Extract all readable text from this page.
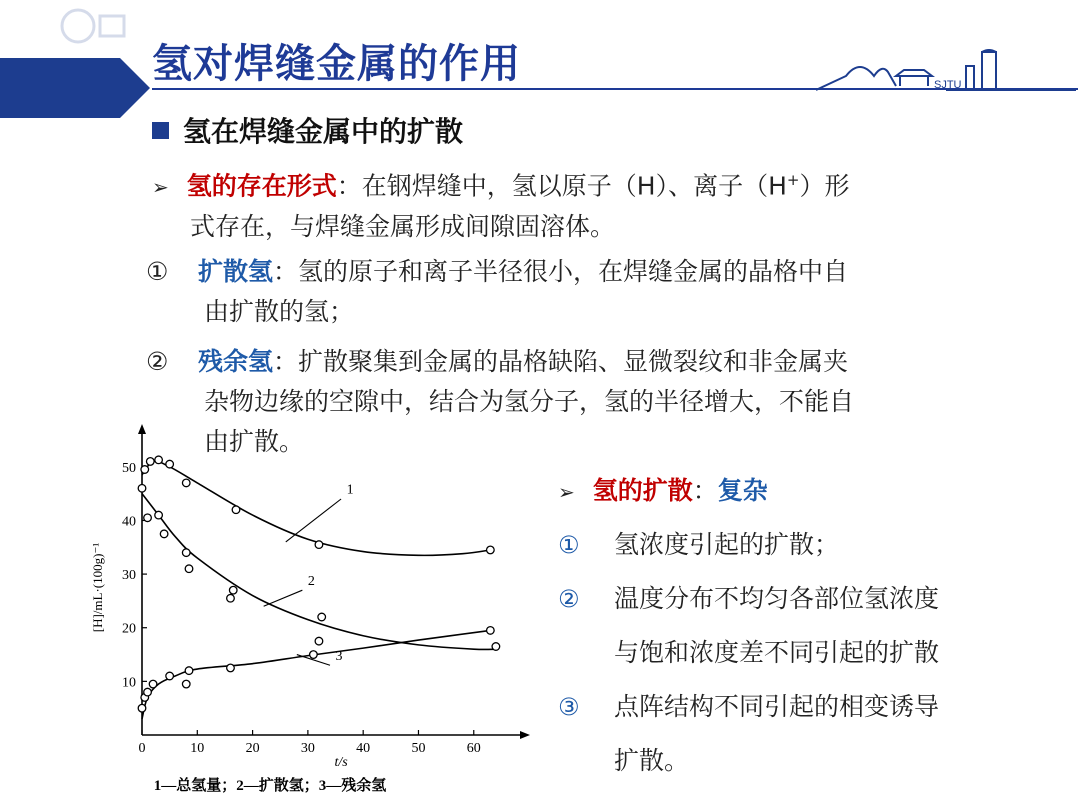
氢对焊缝金属的作用	SJTU
氢在焊缝金属中的扩散
➢ 氢的存在形式：在钢焊缝中，氢以原子（H）、离子（H+）形
式存在，与焊缝金属形成间隙固溶体。
① 扩散氢：氢的原子和离子半径很小，在焊缝金属的晶格中自
由扩散的氢；
② 残余氢：扩散聚集到金属的晶格缺陷、显微裂纹和非金属夹
杂物边缘的空隙中，结合为氢分子，氢的半径增大，不能自
由扩散。
➢ 氢的扩散：复杂
① 氢浓度引起的扩散；
② 温度分布不均匀各部位氢浓度
与饱和浓度差不同引起的扩散
③ 点阵结构不同引起的相变诱导
扩散。
0	10	20	30	40	50	60
10
20
30
40
50
t/s
[H]/mL·(100g)⁻¹
1
2
3
1—总氢量；2—扩散氢；3—残余氢
